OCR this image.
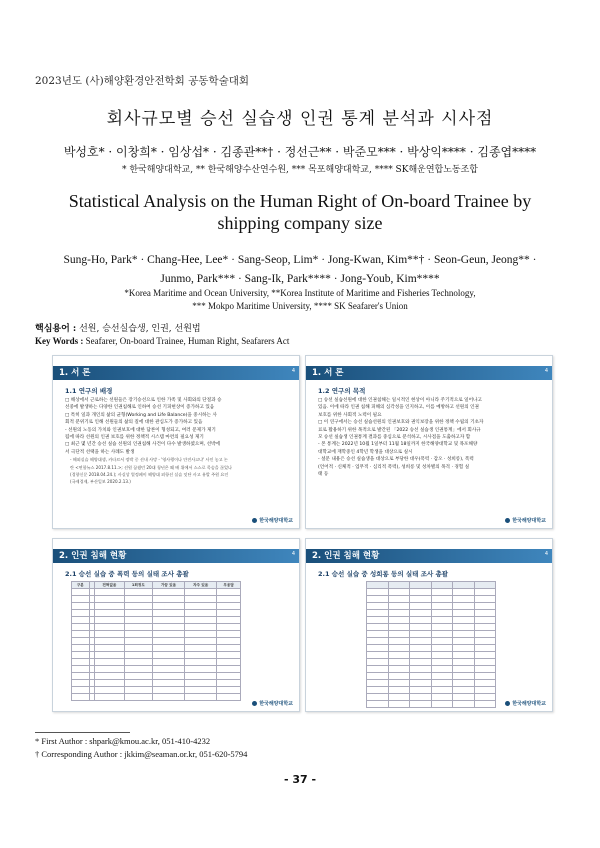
2023년도 (사)해양환경안전학회 공동학술대회
회사규모별 승선 실습생 인권 통계 분석과 시사점
박성호* · 이창희* · 임상섭* · 김종관**† · 정선근** · 박준모*** · 박상익**** · 김종엽****
* 한국해양대학교, ** 한국해양수산연수원, *** 목포해양대학교, **** SK해운연합노동조합
Statistical Analysis on the Human Right of On-board Trainee by shipping company size
Sung-Ho, Park* · Chang-Hee, Lee* · Sang-Seop, Lim* · Jong-Kwan, Kim**† · Seon-Geun, Jeong** ·
Junmo, Park*** · Sang-Ik, Park**** · Jong-Youb, Kim****
*Korea Maritime and Ocean University, **Korea Institute of Maritime and Fisheries Technology,
*** Mokpo Maritime University, **** SK Seafarer's Union
핵심용어 : 선원, 승선실습생, 인권, 선원법
Key Words : Seafarer, On-board Trainee, Human Right, Seafarers Act
1. 서 론	4
1.1 연구의 배경
□ 해상에서 근로하는 선원들은 장기승선으로 인한 가족 및 사회와의 단절과 승
선중에 발생하는 다양한 인권침해로 인하여 승선 기피현상이 증가하고 있음
□ 특히 일과 개인의 삶의 균형(Working and Life Balance)을 중시하는 사
회적 분위기로 인해 선원들의 삶의 질에 대한 관심도가 증가하고 있음
- 선원의 노동의 가치와 인권보호에 대한 담론이 형성되고, 여러 문제가 제기
됨에 따라 선원의 인권 보호를 위한 정책적 시스템 마련의 필요성 제기
□ 최근 몇 년간 승선 실습 선원의 인권침해 사건이 다수 발생하였으며, 선박에
서 극단적 선택을 하는 사례도 발생
- 해외실습 해양대생, 카타르서 정박 중 선내 사망 - '영사행이나 안전사고냐' 사인 놓고 논
란 <연합뉴스 2017.8.11.>; 선원 꿈꿨던 20대 청년은 왜 배 위에서 스스로 목숨을 끊었나
(경향신문 2018.04.24.); 사실상 열정페이 해양대 외항선 실습 잇단 사고 유발 주원 요인
(국제경제, 부산일보 2020.2.13.)
한국해양대학교
1. 서 론	4
1.2 연구의 목적
□ 승선 실습선원에 대한 인권침해는 일시적인 현상이 아니라 주기적으로 일어나고
있음. 이에 따라 인권 침해 피해의 심각성을 인지하고, 이를 예방하고 선원의 인권
보호를 위한 사회적 노력이 필요
□ 이 연구에서는 승선 실습선원의 인권보호와 권익보장을 위한 정책 수립의 기초자
료로 활용하기 위한 목적으로 발간된 「2022 승선 실습생 인권통계」에서 회사규
모 승선 실습생 인권통계 결과를 중심으로 분석하고, 시사점을 도출하고자 함
- 본 통계는 2022년 10월 1일부터 11월 18일까지 한국해양대학교 및 목포해양
대학교에 재학중인 4학년 학생을 대상으로 실시
- 설문 내용은 승선 실습생을 대상으로 부당한 대우(폭력 · 갑오 · 성희롱), 폭력
(언어적 · 신체적 · 업무적 · 심리적 폭력), 성희롱 및 성차별의 목격 · 경험 실
태 등
한국해양대학교
2. 인권 침해 현황	4
2.1 승선 실습 중 폭력 등의 실태 조사 총괄
구분		전혀없음	1회정도	가끔 있음	자주 있음	무응답

한국해양대학교
2. 인권 침해 현황	4
2.1 승선 실습 중 성희롱 등의 실태 조사 총괄

한국해양대학교
* First Author : shpark@kmou.ac.kr, 051-410-4232
† Corresponding Author : jkkim@seaman.or.kr, 051-620-5794
- 37 -
